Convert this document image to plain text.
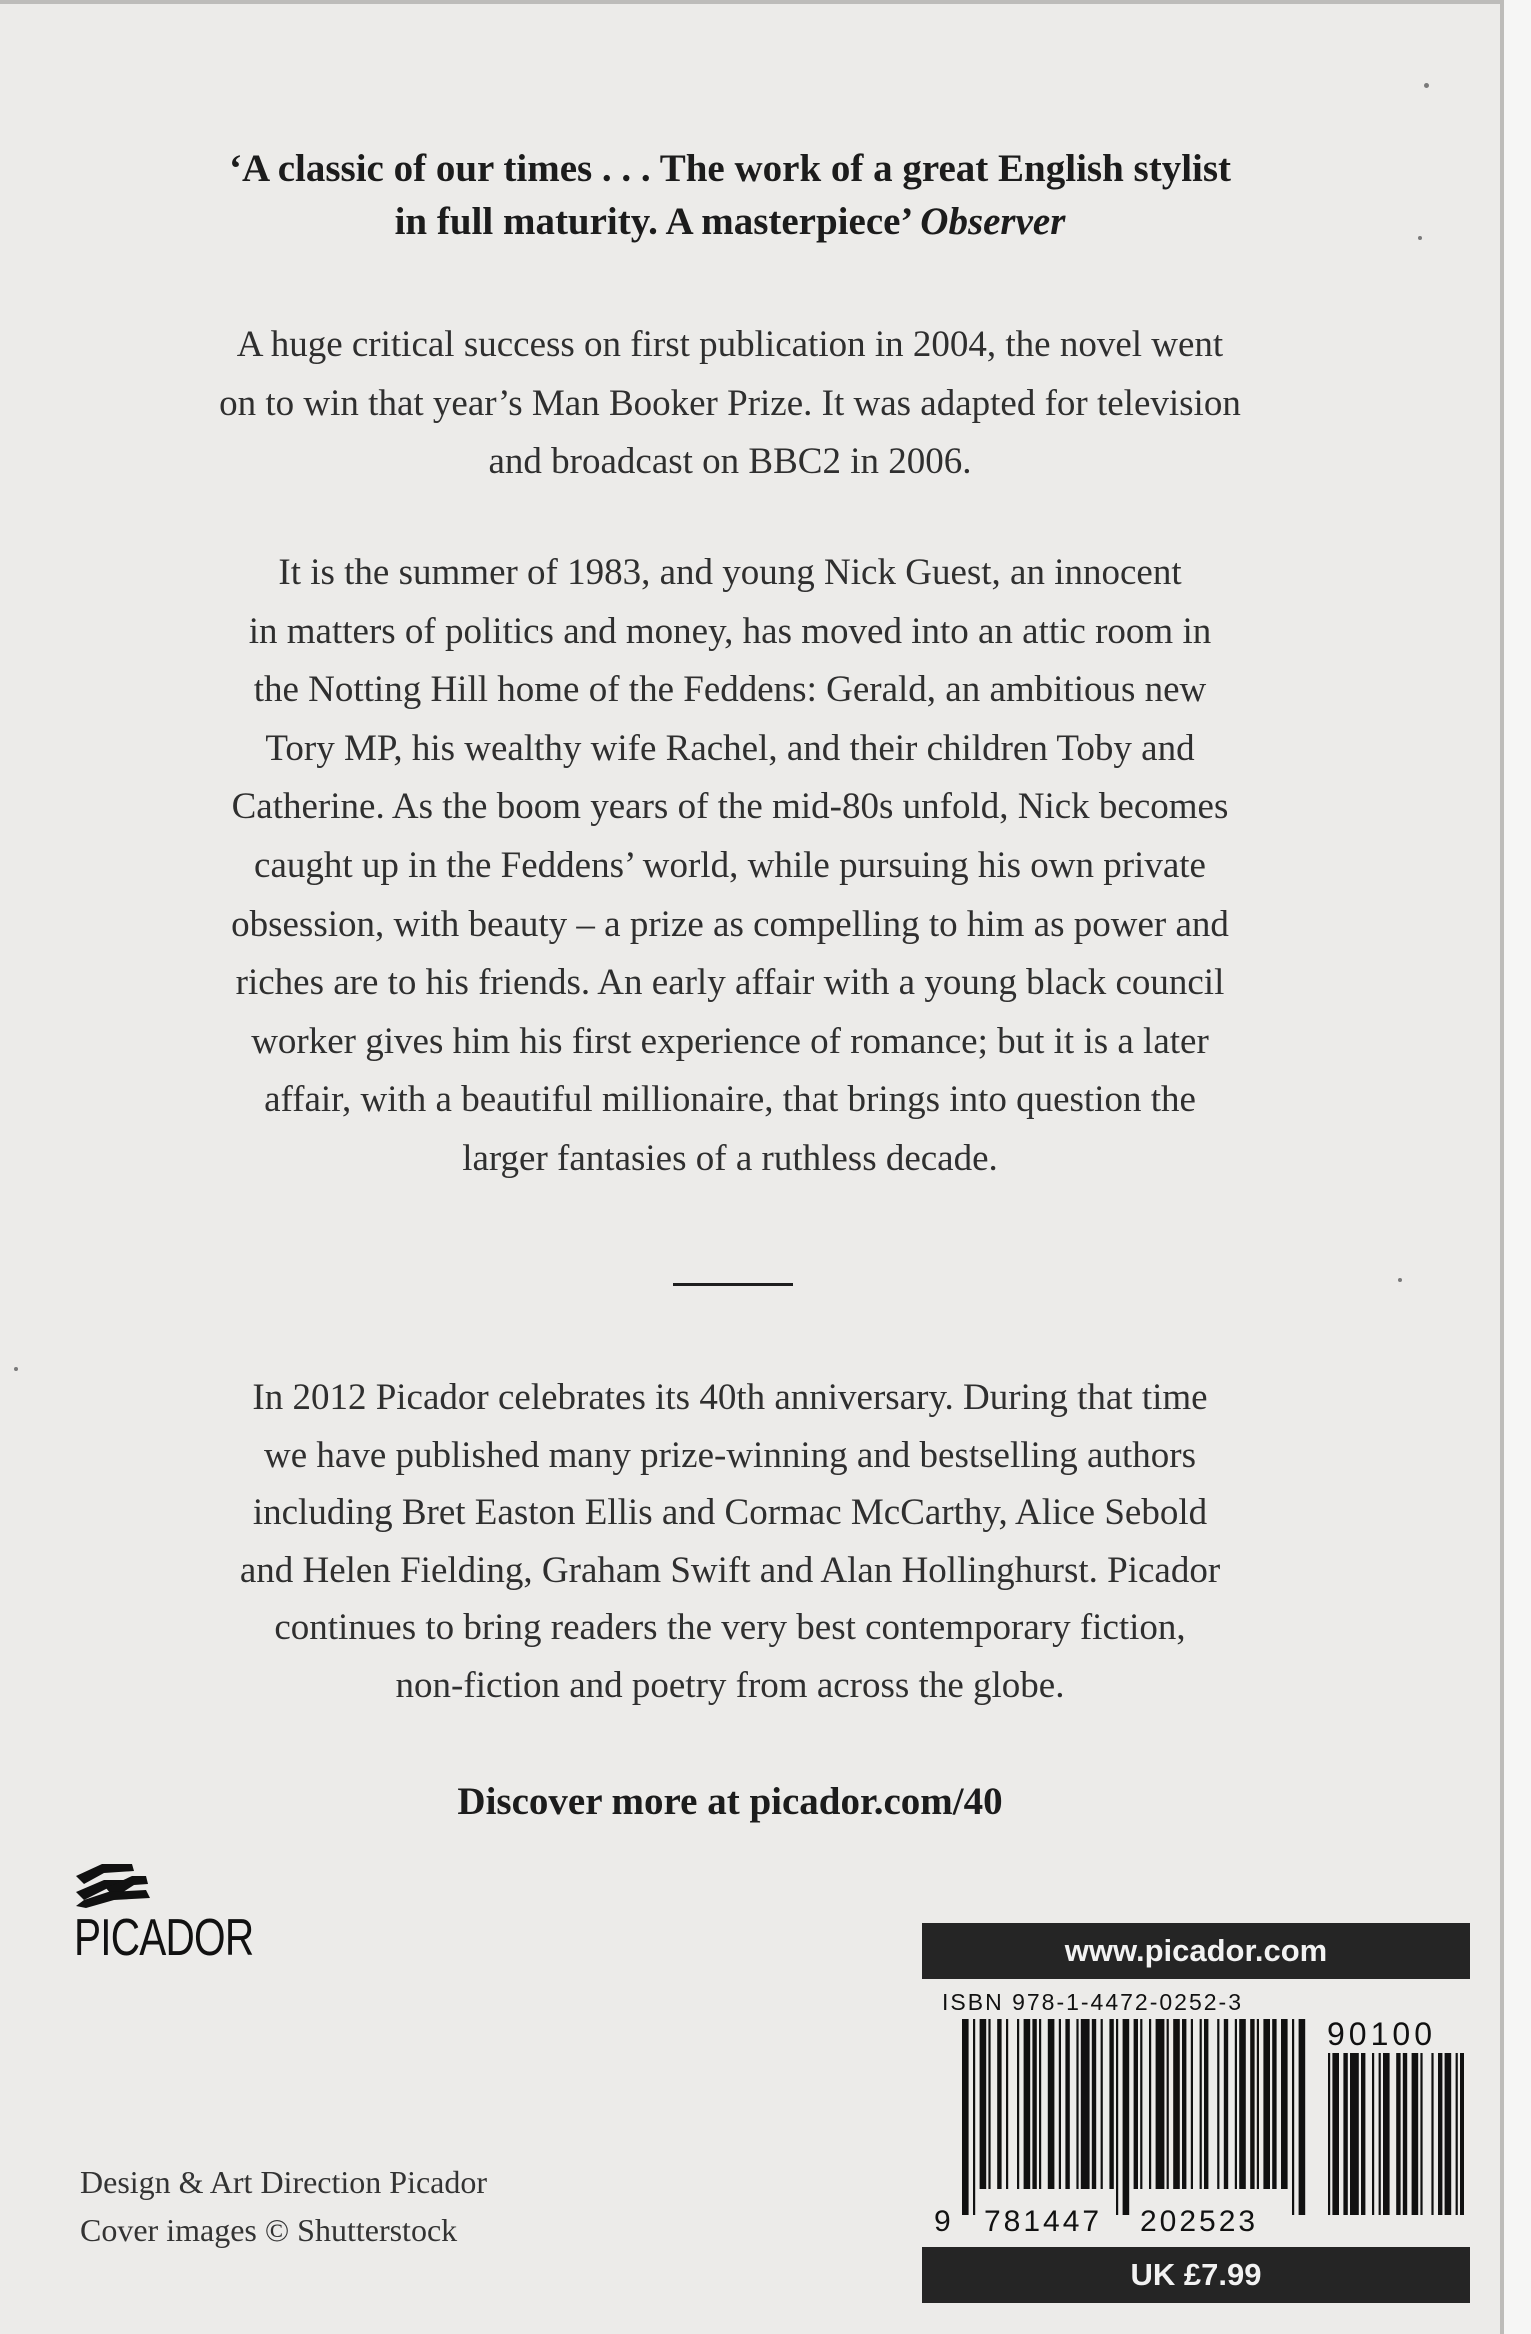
‘A classic of our times . . . The work of a great English stylist
in full maturity. A masterpiece’ Observer
A huge critical success on first publication in 2004, the novel went
on to win that year’s Man Booker Prize. It was adapted for television
and broadcast on BBC2 in 2006.
It is the summer of 1983, and young Nick Guest, an innocent
in matters of politics and money, has moved into an attic room in
the Notting Hill home of the Feddens: Gerald, an ambitious new
Tory MP, his wealthy wife Rachel, and their children Toby and
Catherine. As the boom years of the mid-80s unfold, Nick becomes
caught up in the Feddens’ world, while pursuing his own private
obsession, with beauty – a prize as compelling to him as power and
riches are to his friends. An early affair with a young black council
worker gives him his first experience of romance; but it is a later
affair, with a beautiful millionaire, that brings into question the
larger fantasies of a ruthless decade.
In 2012 Picador celebrates its 40th anniversary. During that time
we have published many prize-winning and bestselling authors
including Bret Easton Ellis and Cormac McCarthy, Alice Sebold
and Helen Fielding, Graham Swift and Alan Hollinghurst. Picador
continues to bring readers the very best contemporary fiction,
non-fiction and poetry from across the globe.
Discover more at picador.com/40
PICADOR	www.picador.com
ISBN 978-1-4472-0252-3
9 781447 202523
90100
UK £7.99
Design & Art Direction Picador
Cover images © Shutterstock
